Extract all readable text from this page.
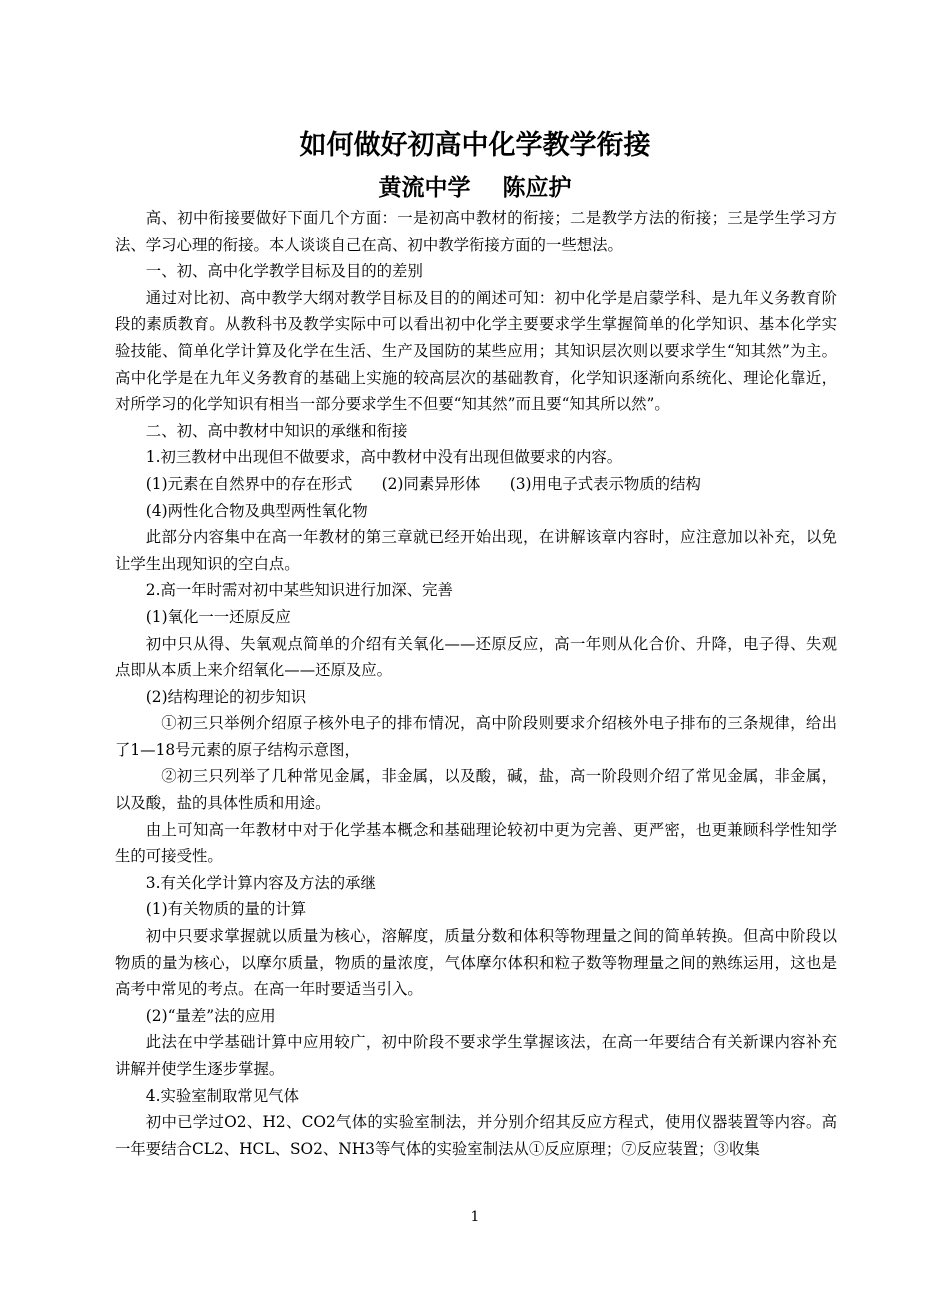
如何做好初高中化学教学衔接
黄流中学    陈应护

高、初中衔接要做好下面几个方面：一是初高中教材的衔接；二是教学方法的衔接；三是学生学习方法、学习心理的衔接。本人谈谈自己在高、初中教学衔接方面的一些想法。

一、初、高中化学教学目标及目的的差别

通过对比初、高中教学大纲对教学目标及目的的阐述可知：初中化学是启蒙学科、是九年义务教育阶段的素质教育。从教科书及教学实际中可以看出初中化学主要要求学生掌握简单的化学知识、基本化学实验技能、简单化学计算及化学在生活、生产及国防的某些应用；其知识层次则以要求学生“知其然”为主。高中化学是在九年义务教育的基础上实施的较高层次的基础教育，化学知识逐渐向系统化、理论化靠近，对所学习的化学知识有相当一部分要求学生不但要“知其然”而且要“知其所以然”。

二、初、高中教材中知识的承继和衔接

1.初三教材中出现但不做要求，高中教材中没有出现但做要求的内容。

(1)元素在自然界中的存在形式      (2)同素异形体      (3)用电子式表示物质的结构

(4)两性化合物及典型两性氧化物

此部分内容集中在高一年教材的第三章就已经开始出现，在讲解该章内容时，应注意加以补充，以免让学生出现知识的空白点。

2.高一年时需对初中某些知识进行加深、完善

(1)氧化一一还原反应

初中只从得、失氧观点简单的介绍有关氧化——还原反应，高一年则从化合价、升降，电子得、失观点即从本质上来介绍氧化——还原及应。

(2)结构理论的初步知识

①初三只举例介绍原子核外电子的排布情况，高中阶段则要求介绍核外电子排布的三条规律，给出了1—18号元素的原子结构示意图，

②初三只列举了几种常见金属，非金属，以及酸，碱，盐，高一阶段则介绍了常见金属，非金属，以及酸，盐的具体性质和用途。

由上可知高一年教材中对于化学基本概念和基础理论较初中更为完善、更严密，也更兼顾科学性知学生的可接受性。

3.有关化学计算内容及方法的承继

(1)有关物质的量的计算

初中只要求掌握就以质量为核心，溶解度，质量分数和体积等物理量之间的简单转换。但高中阶段以物质的量为核心，以摩尔质量，物质的量浓度，气体摩尔体积和粒子数等物理量之间的熟练运用，这也是高考中常见的考点。在高一年时要适当引入。

(2)“量差”法的应用

此法在中学基础计算中应用较广，初中阶段不要求学生掌握该法，在高一年要结合有关新课内容补充讲解并使学生逐步掌握。

4.实验室制取常见气体

初中已学过O2、H2、CO2气体的实验室制法，并分别介绍其反应方程式，使用仪器装置等内容。高一年要结合CL2、HCL、SO2、NH3等气体的实验室制法从①反应原理；⑦反应装置；③收集

1
